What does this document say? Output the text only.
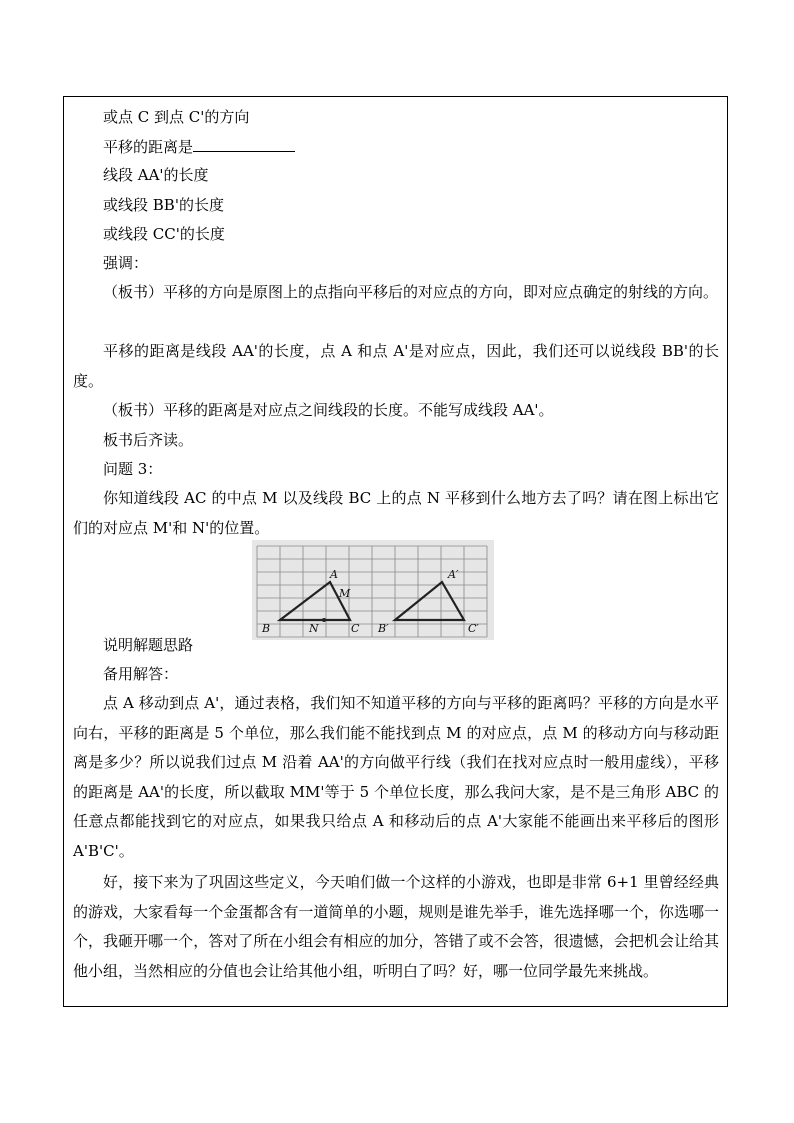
或点 C 到点 C'的方向
平移的距离是
线段 AA'的长度
或线段 BB'的长度
或线段 CC'的长度
强调：
（板书）平移的方向是原图上的点指向平移后的对应点的方向，即对应点确定的射线的方向。
平移的距离是线段 AA'的长度，点 A 和点 A'是对应点，因此，我们还可以说线段 BB'的长度。
（板书）平移的距离是对应点之间线段的长度。不能写成线段 AA'。
板书后齐读。
问题 3：
你知道线段 AC 的中点 M 以及线段 BC 上的点 N 平移到什么地方去了吗？请在图上标出它们的对应点 M'和 N'的位置。
A
M
B	N	C
A′
B′	C′
说明解题思路
备用解答：
点 A 移动到点 A'，通过表格，我们知不知道平移的方向与平移的距离吗？平移的方向是水平向右，平移的距离是 5 个单位，那么我们能不能找到点 M 的对应点，点 M 的移动方向与移动距离是多少？所以说我们过点 M 沿着 AA'的方向做平行线（我们在找对应点时一般用虚线），平移的距离是 AA'的长度，所以截取 MM'等于 5 个单位长度，那么我问大家，是不是三角形 ABC 的任意点都能找到它的对应点，如果我只给点 A 和移动后的点 A'大家能不能画出来平移后的图形 A'B'C'。
好，接下来为了巩固这些定义，今天咱们做一个这样的小游戏，也即是非常 6+1 里曾经经典的游戏，大家看每一个金蛋都含有一道简单的小题，规则是谁先举手，谁先选择哪一个，你选哪一个，我砸开哪一个，答对了所在小组会有相应的加分，答错了或不会答，很遗憾，会把机会让给其他小组，当然相应的分值也会让给其他小组，听明白了吗？好，哪一位同学最先来挑战。
